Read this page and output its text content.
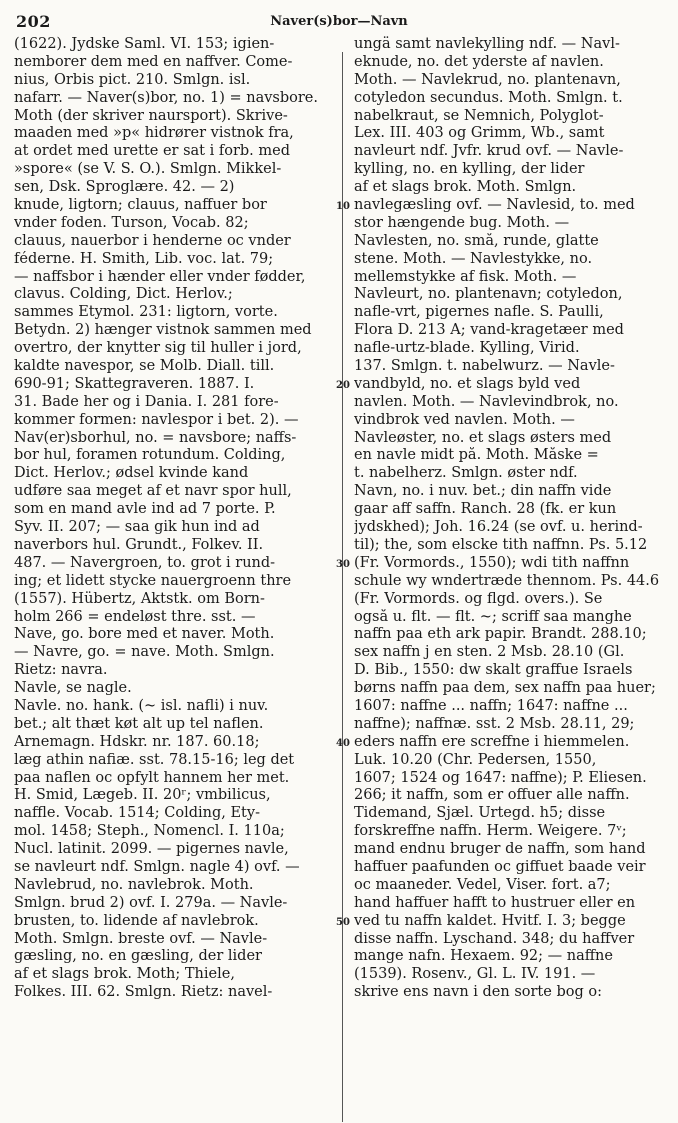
202	Naver(s)bor—Navn
(1622). Jydske Saml. VI. 153; igien-
nemborer dem med en naffver. Come-
nius, Orbis pict. 210. Smlgn. isl.
nafarr. — Naver(s)bor, no. 1) = navsbore.
Moth (der skriver naursport). Skrive-
maaden med »p« hidrører vistnok fra,
at ordet med urette er sat i forb. med
»spore« (se V. S. O.). Smlgn. Mikkel-
sen, Dsk. Sproglære. 42. — 2)
knude, ligtorn; clauus, naffuer bor
vnder foden. Turson, Vocab. 82;
clauus, nauerbor i henderne oc vnder
féderne. H. Smith, Lib. voc. lat. 79;
— naffsbor i hænder eller vnder fødder,
clavus. Colding, Dict. Herlov.;
sammes Etymol. 231: ligtorn, vorte.
Betydn. 2) hænger vistnok sammen med
overtro, der knytter sig til huller i jord,
kaldte navespor, se Molb. Diall. till.
690-91; Skattegraveren. 1887. I.
31. Bade her og i Dania. I. 281 fore-
kommer formen: navlespor i bet. 2). —
Nav(er)sborhul, no. = navsbore; naffs-
bor hul, foramen rotundum. Colding,
Dict. Herlov.; ødsel kvinde kand
udføre saa meget af et navr spor hull,
som en mand avle ind ad 7 porte. P.
Syv. II. 207; — saa gik hun ind ad
naverbors hul. Grundt., Folkev. II.
487. — Navergroen, to. grot i rund-
ing; et lidett stycke nauergroenn thre
(1557). Hübertz, Aktstk. om Born-
holm 266 = endeløst thre. sst. —
Nave, go. bore med et naver. Moth.
— Navre, go. = nave. Moth. Smlgn.
Rietz: navra.
Navle, se nagle.
Navle. no. hank. (~ isl. nafli) i nuv.
bet.; alt thæt køt alt up tel naflen.
Arnemagn. Hdskr. nr. 187. 60.18;
læg athin nafiæ. sst. 78.15-16; leg det
paa naflen oc opfylt hannem her met.
H. Smid, Lægeb. II. 20ʳ; vmbilicus,
naffle. Vocab. 1514; Colding, Ety-
mol. 1458; Steph., Nomencl. I. 110a;
Nucl. latinit. 2099. — pigernes navle,
se navleurt ndf. Smlgn. nagle 4) ovf. —
Navlebrud, no. navlebrok. Moth.
Smlgn. brud 2) ovf. I. 279a. — Navle-
brusten, to. lidende af navlebrok.
Moth. Smlgn. breste ovf. — Navle-
gæsling, no. en gæsling, der lider
af et slags brok. Moth; Thiele,
Folkes. III. 62. Smlgn. Rietz: navel-
ungä samt navlekylling ndf. — Navl-
eknude, no. det yderste af navlen.
Moth. — Navlekrud, no. plantenavn,
cotyledon secundus. Moth. Smlgn. t.
nabelkraut, se Nemnich, Polyglot-
Lex. III. 403 og Grimm, Wb., samt
navleurt ndf. Jvfr. krud ovf. — Navle-
kylling, no. en kylling, der lider
af et slags brok. Moth. Smlgn.
navlegæsling ovf. — Navlesid, to. med
stor hængende bug. Moth. —
Navlesten, no. små, runde, glatte
stene. Moth. — Navlestykke, no.
mellemstykke af fisk. Moth. —
Navleurt, no. plantenavn; cotyledon,
nafle-vrt, pigernes nafle. S. Paulli,
Flora D. 213 A; vand-kragetæer med
nafle-urtz-blade. Kylling, Virid.
137. Smlgn. t. nabelwurz. — Navle-
vandbyld, no. et slags byld ved
navlen. Moth. — Navlevindbrok, no.
vindbrok ved navlen. Moth. —
Navleøster, no. et slags østers med
en navle midt på. Moth. Måske =
t. nabelherz. Smlgn. øster ndf.
Navn, no. i nuv. bet.; din naffn vide
gaar aff saffn. Ranch. 28 (fk. er kun
jydskhed); Joh. 16.24 (se ovf. u. herind-
til); the, som elscke tith naffnn. Ps. 5.12
(Fr. Vormords., 1550); wdi tith naffnn
schule wy wndertræde thennom. Ps. 44.6
(Fr. Vormords. og flgd. overs.). Se
også u. flt. — flt. ~; scriff saa manghe
naffn paa eth ark papir. Brandt. 288.10;
sex naffn j en sten. 2 Msb. 28.10 (Gl.
D. Bib., 1550: dw skalt graffue Israels
børns naffn paa dem, sex naffn paa huer;
1607: naffne ... naffn; 1647: naffne ...
naffne); naffnæ. sst. 2 Msb. 28.11, 29;
eders naffn ere screffne i hiemmelen.
Luk. 10.20 (Chr. Pedersen, 1550,
1607; 1524 og 1647: naffne); P. Eliesen.
266; it naffn, som er offuer alle naffn.
Tidemand, Sjæl. Urtegd. h5; disse
forskreffne naffn. Herm. Weigere. 7ᵛ;
mand endnu bruger de naffn, som hand
haffuer paafunden oc giffuet baade veir
oc maaneder. Vedel, Viser. fort. a7;
hand haffuer hafft to hustruer eller en
ved tu naffn kaldet. Hvitf. I. 3; begge
disse naffn. Lyschand. 348; du haffver
mange nafn. Hexaem. 92; — naffne
(1539). Rosenv., Gl. L. IV. 191. —
skrive ens navn i den sorte bog o:
10
20
30
40
50
